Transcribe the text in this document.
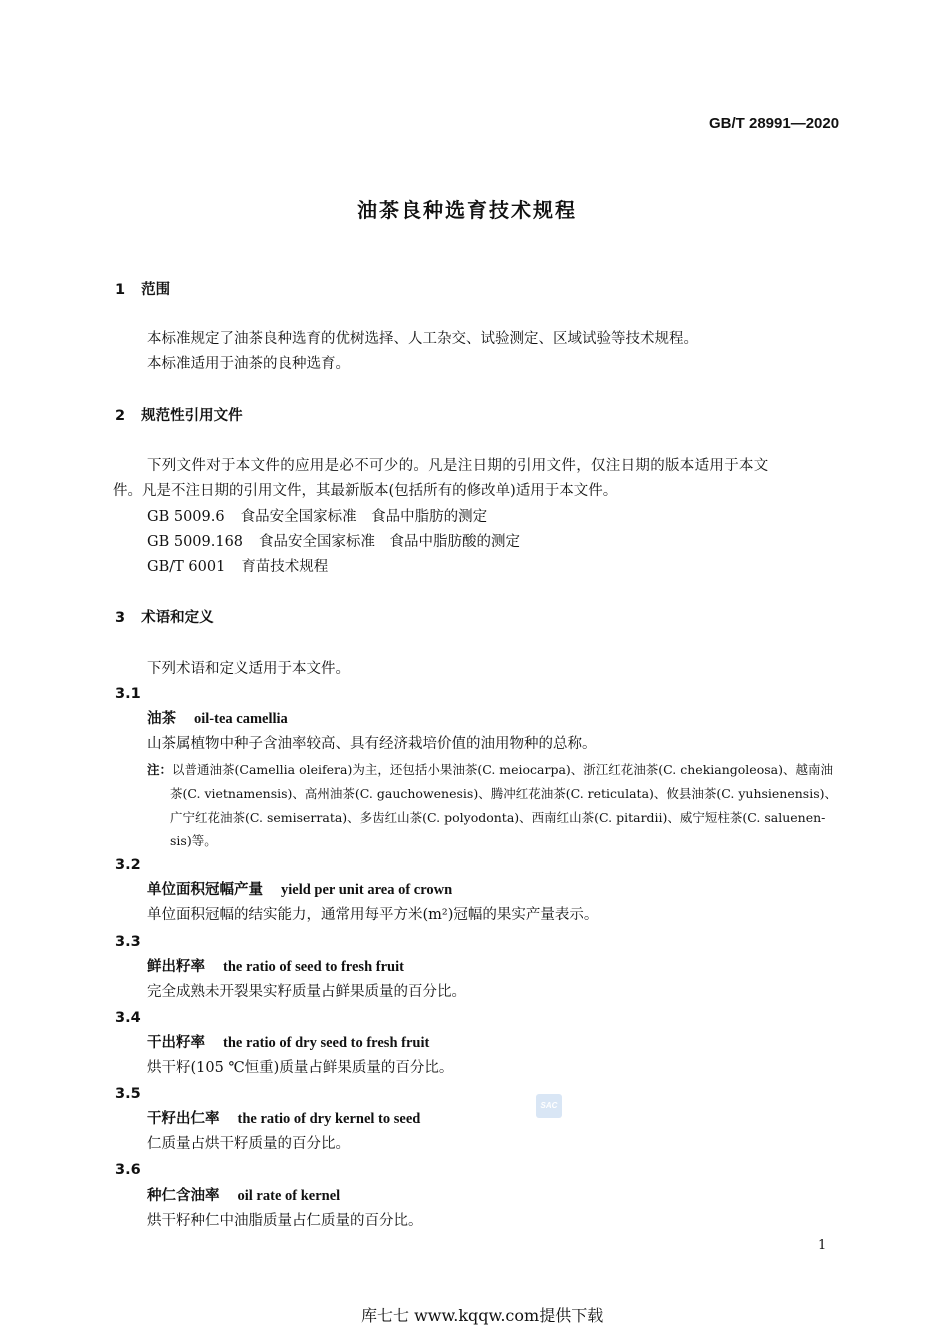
GB/T 28991—2020
油茶良种选育技术规程
1 范围
本标准规定了油茶良种选育的优树选择、人工杂交、试验测定、区域试验等技术规程。
本标准适用于油茶的良种选育。
2 规范性引用文件
下列文件对于本文件的应用是必不可少的。凡是注日期的引用文件，仅注日期的版本适用于本文
件。凡是不注日期的引用文件，其最新版本(包括所有的修改单)适用于本文件。
GB 5009.6 食品安全国家标准　食品中脂肪的测定
GB 5009.168 食品安全国家标准　食品中脂肪酸的测定
GB/T 6001 育苗技术规程
3 术语和定义
下列术语和定义适用于本文件。
3.1
油茶 oil-tea camellia
山茶属植物中种子含油率较高、具有经济栽培价值的油用物种的总称。
注：以普通油茶(Camellia oleifera)为主，还包括小果油茶(C. meiocarpa)、浙江红花油茶(C. chekiangoleosa)、越南油
茶(C. vietnamensis)、高州油茶(C. gauchowenesis)、腾冲红花油茶(C. reticulata)、攸县油茶(C. yuhsienensis)、
广宁红花油茶(C. semiserrata)、多齿红山茶(C. polyodonta)、西南红山茶(C. pitardii)、威宁短柱茶(C. saluenen-
sis)等。
3.2
单位面积冠幅产量 yield per unit area of crown
单位面积冠幅的结实能力，通常用每平方米(m²)冠幅的果实产量表示。
3.3
鲜出籽率 the ratio of seed to fresh fruit
完全成熟未开裂果实籽质量占鲜果质量的百分比。
3.4
干出籽率 the ratio of dry seed to fresh fruit
烘干籽(105 ℃恒重)质量占鲜果质量的百分比。
3.5
干籽出仁率 the ratio of dry kernel to seed
仁质量占烘干籽质量的百分比。
3.6
种仁含油率 oil rate of kernel
烘干籽种仁中油脂质量占仁质量的百分比。
SAC
1
库七七 www.kqqw.com提供下载
